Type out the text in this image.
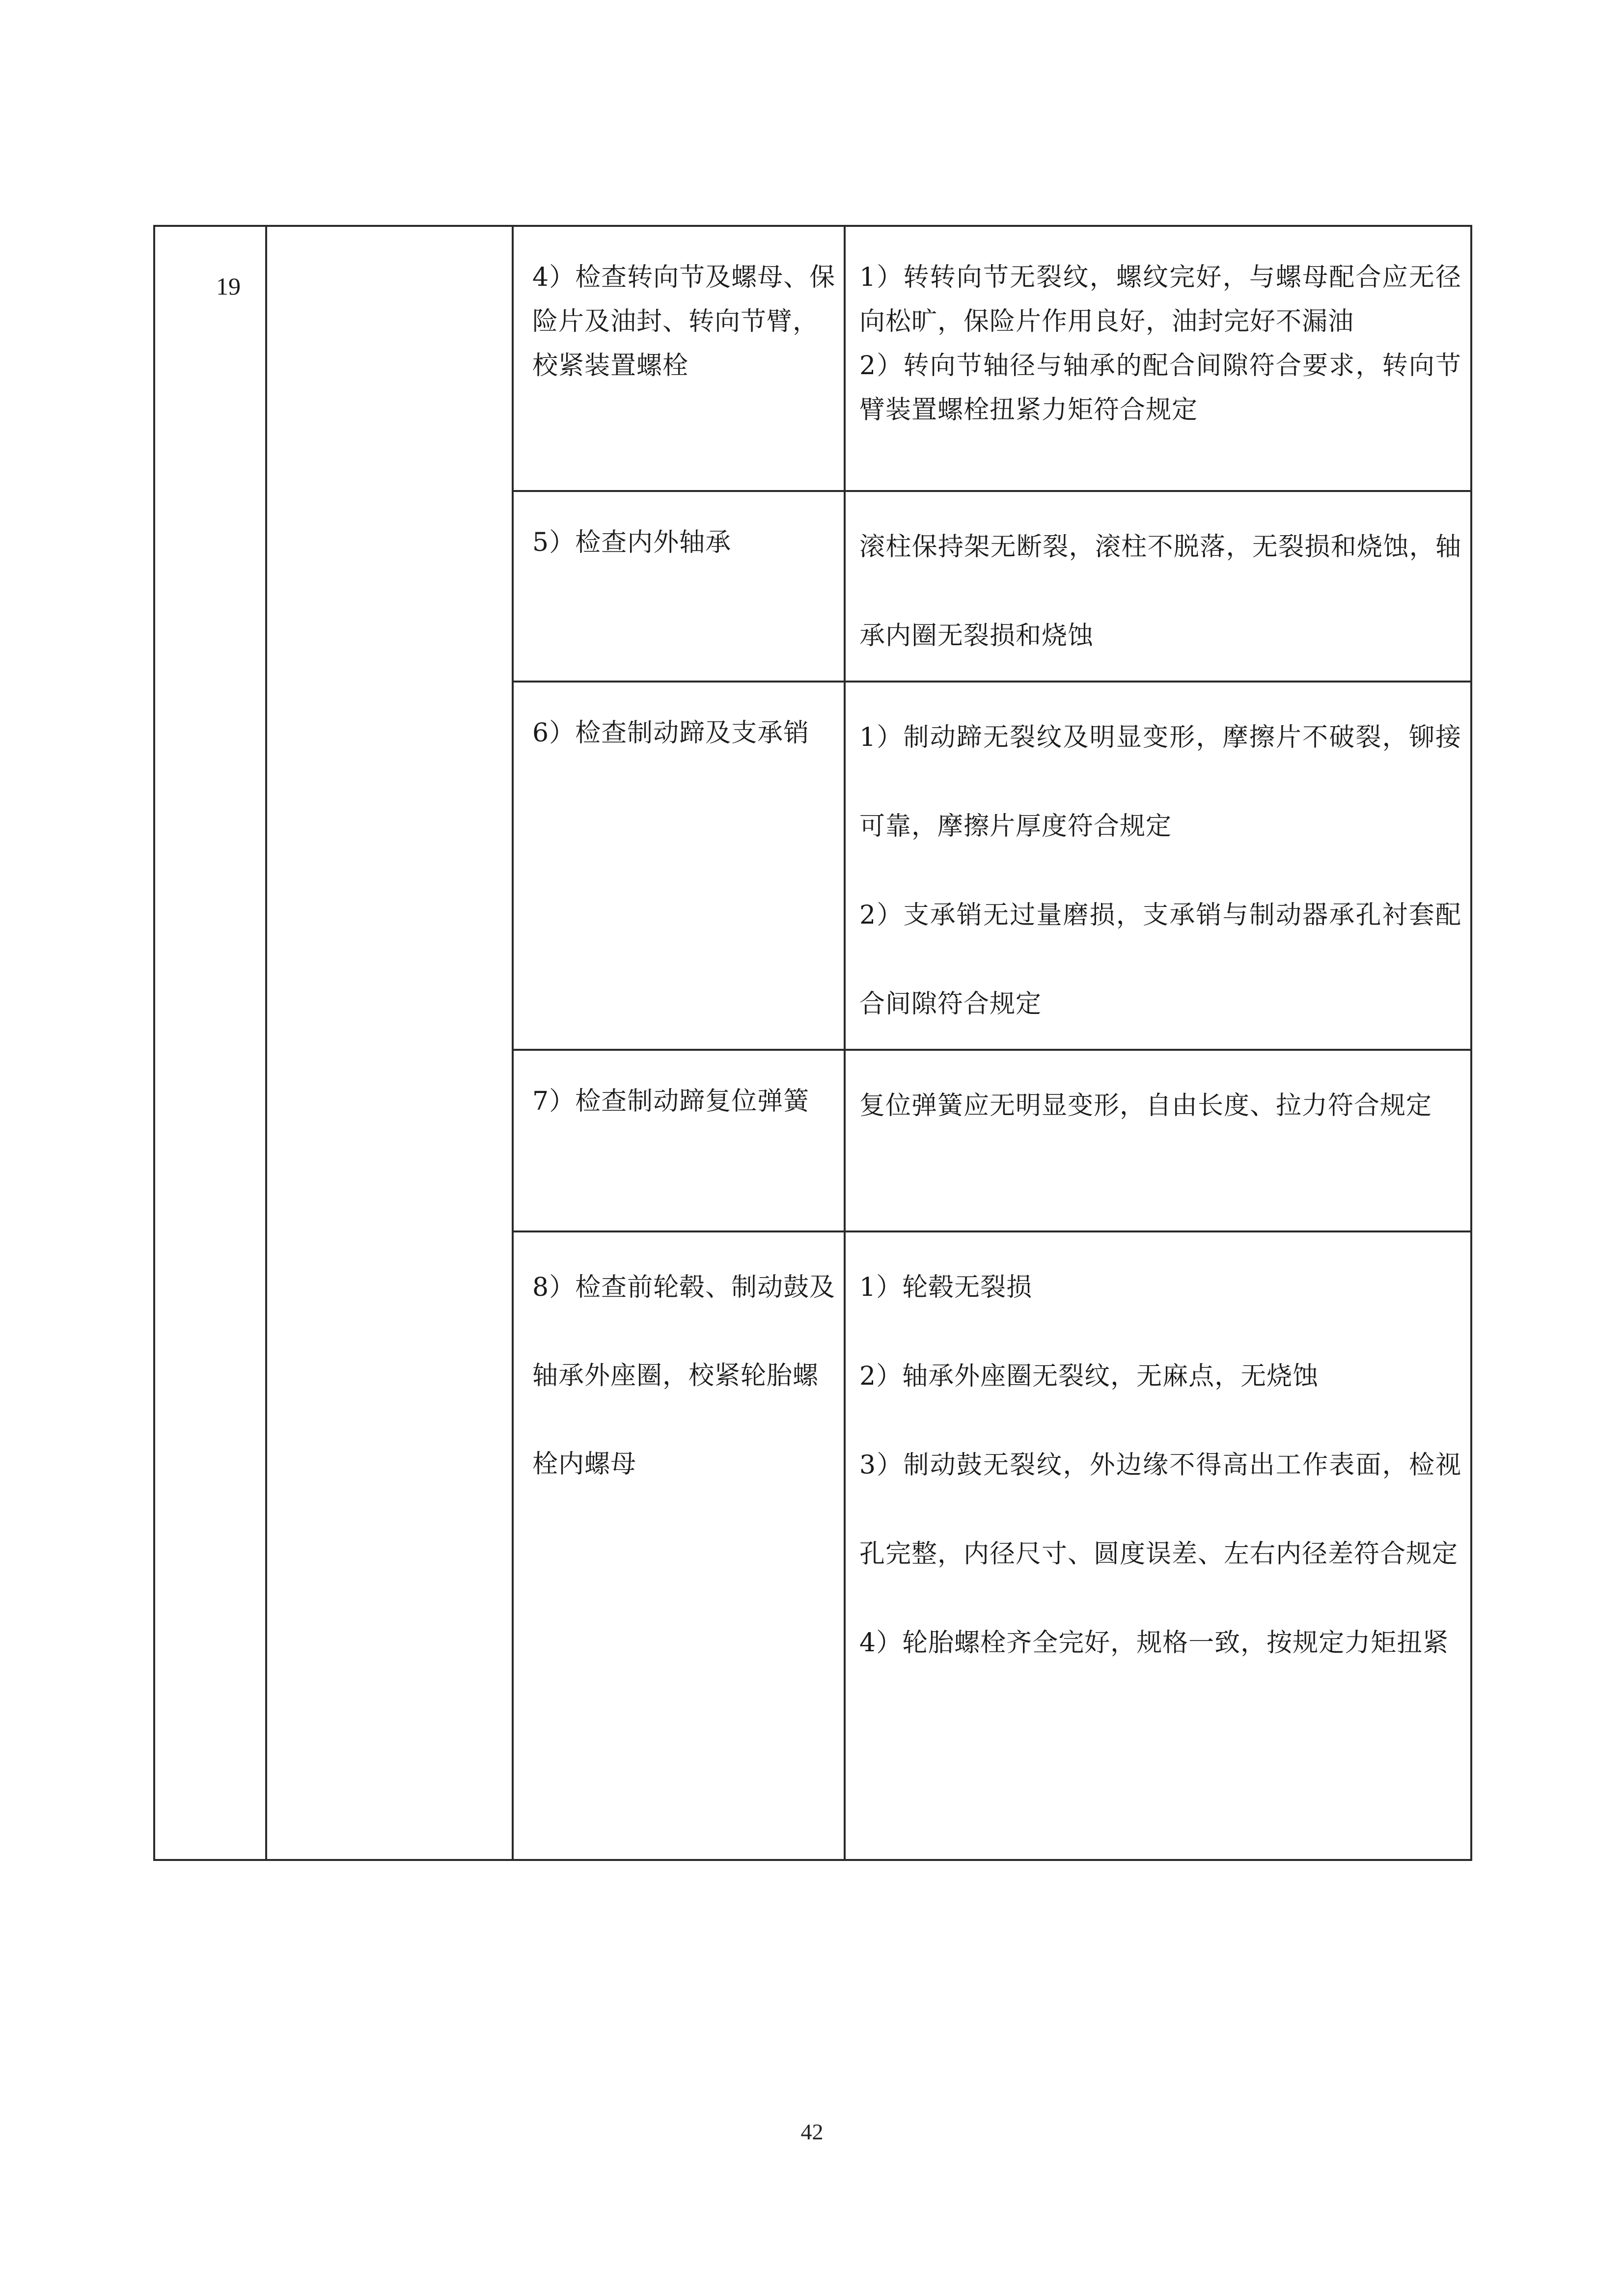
19		4）检查转向节及螺母、保险片及油封、转向节臂，校紧装置螺栓	1）转转向节无裂纹，螺纹完好，与螺母配合应无径向松旷，保险片作用良好，油封完好不漏油
2）转向节轴径与轴承的配合间隙符合要求，转向节臂装置螺栓扭紧力矩符合规定

		5）检查内外轴承	滚柱保持架无断裂，滚柱不脱落，无裂损和烧蚀，轴承内圈无裂损和烧蚀

		6）检查制动蹄及支承销	1）制动蹄无裂纹及明显变形，摩擦片不破裂，铆接可靠，摩擦片厚度符合规定
2）支承销无过量磨损，支承销与制动器承孔衬套配合间隙符合规定

		7）检查制动蹄复位弹簧	复位弹簧应无明显变形，自由长度、拉力符合规定

		8）检查前轮毂、制动鼓及轴承外座圈，校紧轮胎螺栓内螺母	1）轮毂无裂损
2）轴承外座圈无裂纹，无麻点，无烧蚀
3）制动鼓无裂纹，外边缘不得高出工作表面，检视孔完整，内径尺寸、圆度误差、左右内径差符合规定
4）轮胎螺栓齐全完好，规格一致，按规定力矩扭紧
42
